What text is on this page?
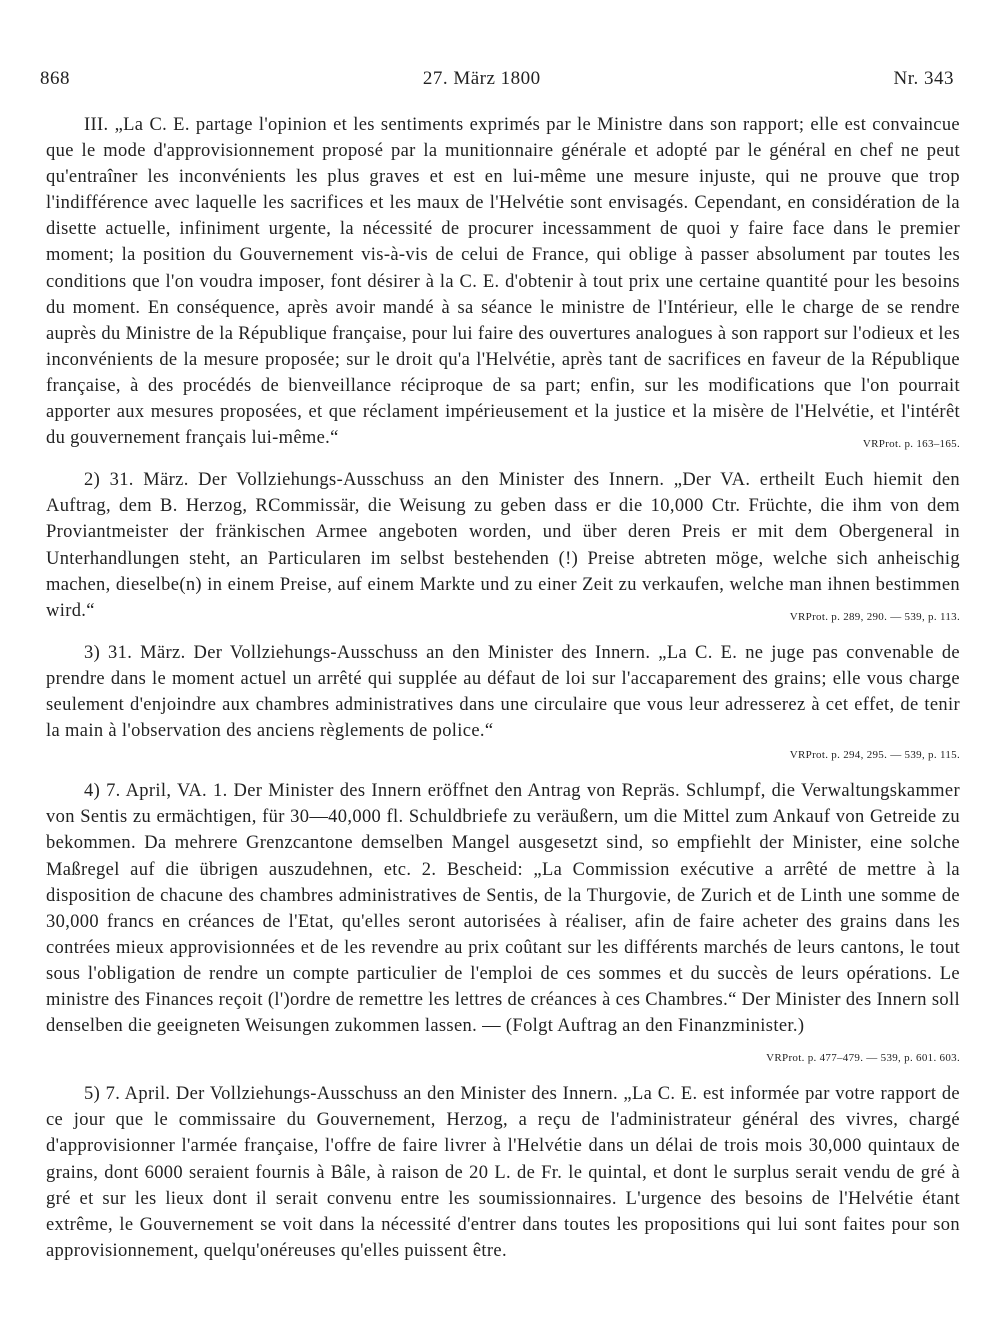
868	27. März 1800	Nr. 343

III. „La C. E. partage l'opinion et les sentiments exprimés par le Ministre dans son rapport; elle est convaincue que le mode d'approvisionnement proposé par la munitionnaire générale et adopté par le général en chef ne peut qu'entraîner les inconvénients les plus graves et est en lui-même une mesure injuste, qui ne prouve que trop l'indifférence avec laquelle les sacrifices et les maux de l'Helvétie sont envisagés. Cependant, en considération de la disette actuelle, infiniment urgente, la nécessité de procurer incessamment de quoi y faire face dans le premier moment; la position du Gouvernement vis-à-vis de celui de France, qui oblige à passer absolument par toutes les conditions que l'on voudra imposer, font désirer à la C. E. d'obtenir à tout prix une certaine quantité pour les besoins du moment. En conséquence, après avoir mandé à sa séance le ministre de l'Intérieur, elle le charge de se rendre auprès du Ministre de la République française, pour lui faire des ouvertures analogues à son rapport sur l'odieux et les inconvénients de la mesure proposée; sur le droit qu'a l'Helvétie, après tant de sacrifices en faveur de la République française, à des procédés de bienveillance réciproque de sa part; enfin, sur les modifications que l'on pourrait apporter aux mesures proposées, et que réclament impérieusement et la justice et la misère de l'Helvétie, et l'intérêt du gouvernement français lui-même.“	VRProt. p. 163–165.

2) 31. März. Der Vollziehungs-Ausschuss an den Minister des Innern. „Der VA. ertheilt Euch hiemit den Auftrag, dem B. Herzog, RCommissär, die Weisung zu geben dass er die 10,000 Ctr. Früchte, die ihm von dem Proviantmeister der fränkischen Armee angeboten worden, und über deren Preis er mit dem Obergeneral in Unterhandlungen steht, an Particularen im selbst bestehenden (!) Preise abtreten möge, welche sich anheischig machen, dieselbe(n) in einem Preise, auf einem Markte und zu einer Zeit zu verkaufen, welche man ihnen bestimmen wird.“	VRProt. p. 289, 290. — 539, p. 113.

3) 31. März. Der Vollziehungs-Ausschuss an den Minister des Innern. „La C. E. ne juge pas convenable de prendre dans le moment actuel un arrêté qui supplée au défaut de loi sur l'accaparement des grains; elle vous charge seulement d'enjoindre aux chambres administratives dans une circulaire que vous leur adresserez à cet effet, de tenir la main à l'observation des anciens règlements de police.“
VRProt. p. 294, 295. — 539, p. 115.

4) 7. April, VA. 1. Der Minister des Innern eröffnet den Antrag von Repräs. Schlumpf, die Verwaltungskammer von Sentis zu ermächtigen, für 30—40,000 fl. Schuldbriefe zu veräußern, um die Mittel zum Ankauf von Getreide zu bekommen. Da mehrere Grenzcantone demselben Mangel ausgesetzt sind, so empfiehlt der Minister, eine solche Maßregel auf die übrigen auszudehnen, etc. 2. Bescheid: „La Commission exécutive a arrêté de mettre à la disposition de chacune des chambres administratives de Sentis, de la Thurgovie, de Zurich et de Linth une somme de 30,000 francs en créances de l'Etat, qu'elles seront autorisées à réaliser, afin de faire acheter des grains dans les contrées mieux approvisionnées et de les revendre au prix coûtant sur les différents marchés de leurs cantons, le tout sous l'obligation de rendre un compte particulier de l'emploi de ces sommes et du succès de leurs opérations. Le ministre des Finances reçoit (l')ordre de remettre les lettres de créances à ces Chambres.“ Der Minister des Innern soll denselben die geeigneten Weisungen zukommen lassen. — (Folgt Auftrag an den Finanzminister.)
VRProt. p. 477–479. — 539, p. 601. 603.

5) 7. April. Der Vollziehungs-Ausschuss an den Minister des Innern. „La C. E. est informée par votre rapport de ce jour que le commissaire du Gouvernement, Herzog, a reçu de l'administrateur général des vivres, chargé d'approvisionner l'armée française, l'offre de faire livrer à l'Helvétie dans un délai de trois mois 30,000 quintaux de grains, dont 6000 seraient fournis à Bâle, à raison de 20 L. de Fr. le quintal, et dont le surplus serait vendu de gré à gré et sur les lieux dont il serait convenu entre les soumissionnaires. L'urgence des besoins de l'Helvétie étant extrême, le Gouvernement se voit dans la nécessité d'entrer dans toutes les propositions qui lui sont faites pour son approvisionnement, quelqu'onéreuses qu'elles puissent être.
